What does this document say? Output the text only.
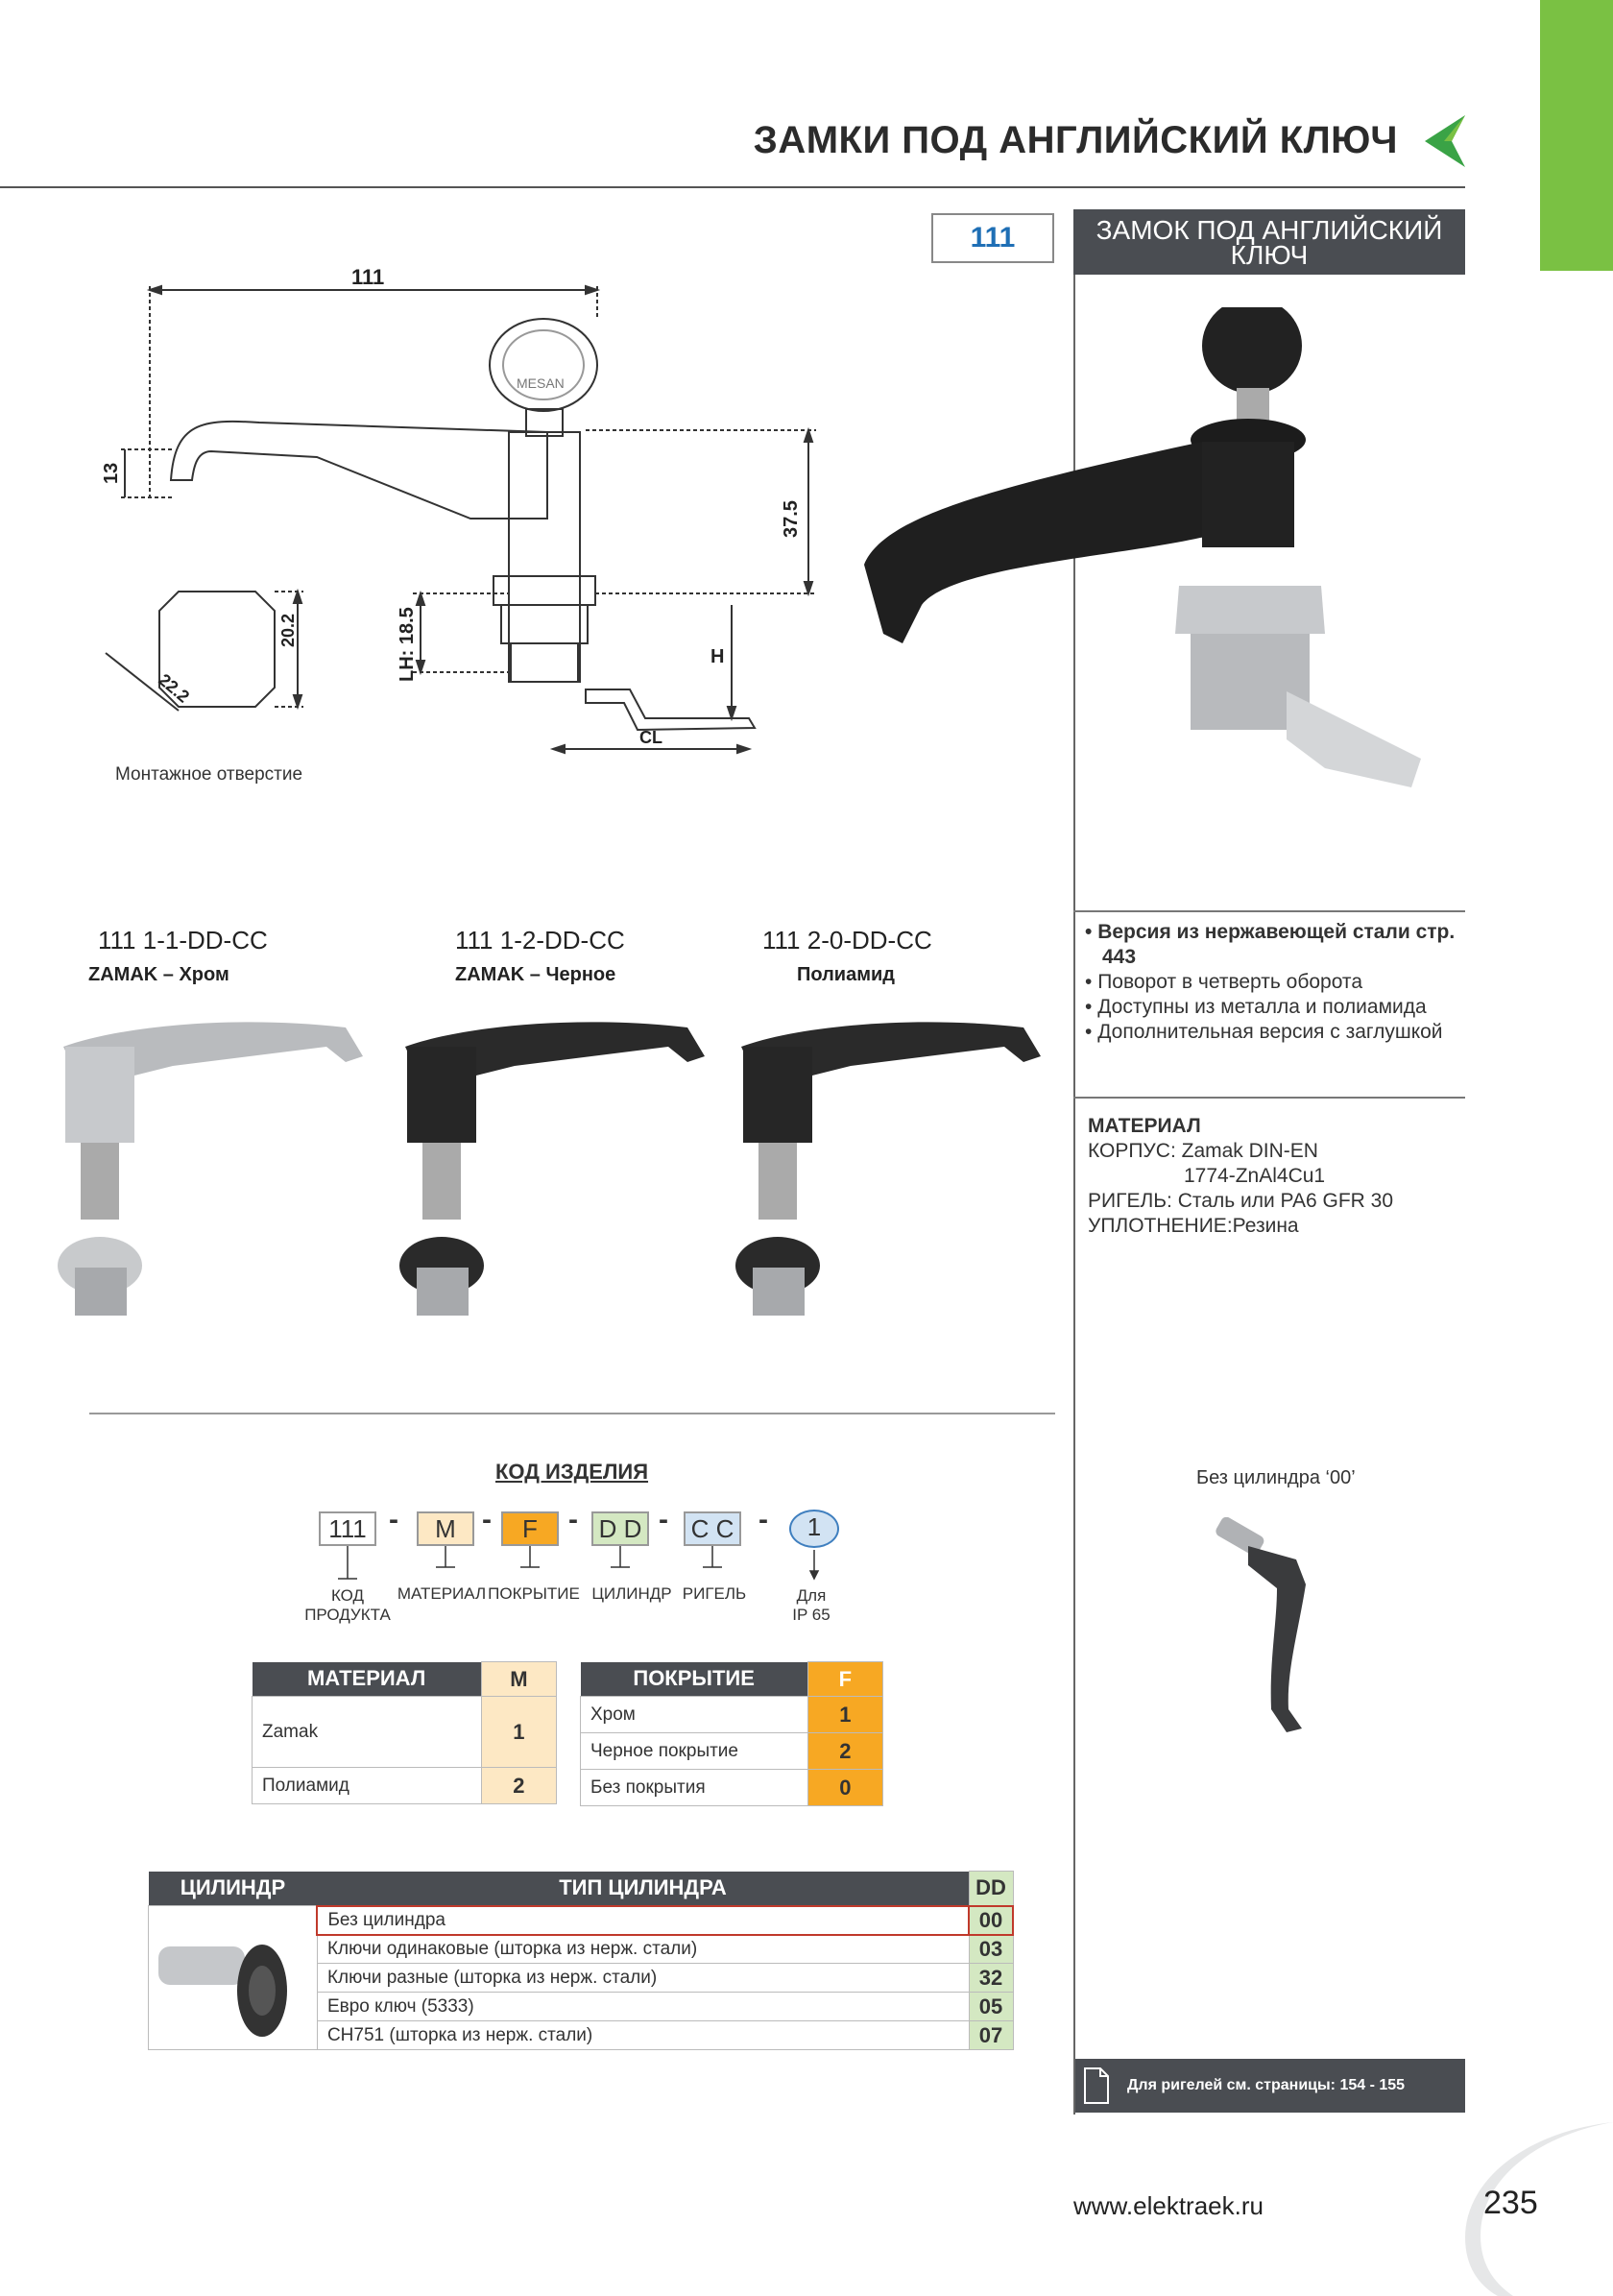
ЗАМКИ ПОД АНГЛИЙСКИЙ КЛЮЧ
111	ЗАМОК ПОД АНГЛИЙСКИЙ
КЛЮЧ
111
MESAN
13
37.5
LH: 18.5	H
CL
20.2
22.2
Монтажное отверстие
• Версия из нержавеющей стали стр. 443
• Поворот в четверть оборота
• Доступны из металла и полиамида
• Дополнительная версия с заглушкой
МАТЕРИАЛ
КОРПУС: Zamak DIN-EN
1774-ZnAl4Cu1
РИГЕЛЬ: Сталь или PA6 GFR 30
УПЛОТНЕНИЕ:Резина
111 1-1-DD-CC
ZAMAK – Хром
111 1-2-DD-CC
ZAMAK – Черное
111 2-0-DD-CC
Полиамид
КОД ИЗДЕЛИЯ
111 -	M -	F	- D D - C C -	1
КОД
ПРОДУКТА
МАТЕРИАЛ ПОКРЫТИЕ ЦИЛИНДР РИГЕЛЬ	Для
IP 65
МАТЕРИАЛ	M
Zamak	1
Полиамид	2
ПОКРЫТИЕ	F
Хром	1
Черное покрытие	2
Без покрытия	0
ЦИЛИНДР	ТИП ЦИЛИНДРА	DD
	Без цилиндра	00
	Ключи одинаковые (шторка из нерж. стали)	03
	Ключи разные (шторка из нерж. стали)	32
	Евро ключ (5333)	05
	CH751 (шторка из нерж. стали)	07
Без цилиндра ‘00’
Для ригелей см. страницы: 154 - 155
www.elektraek.ru	235
